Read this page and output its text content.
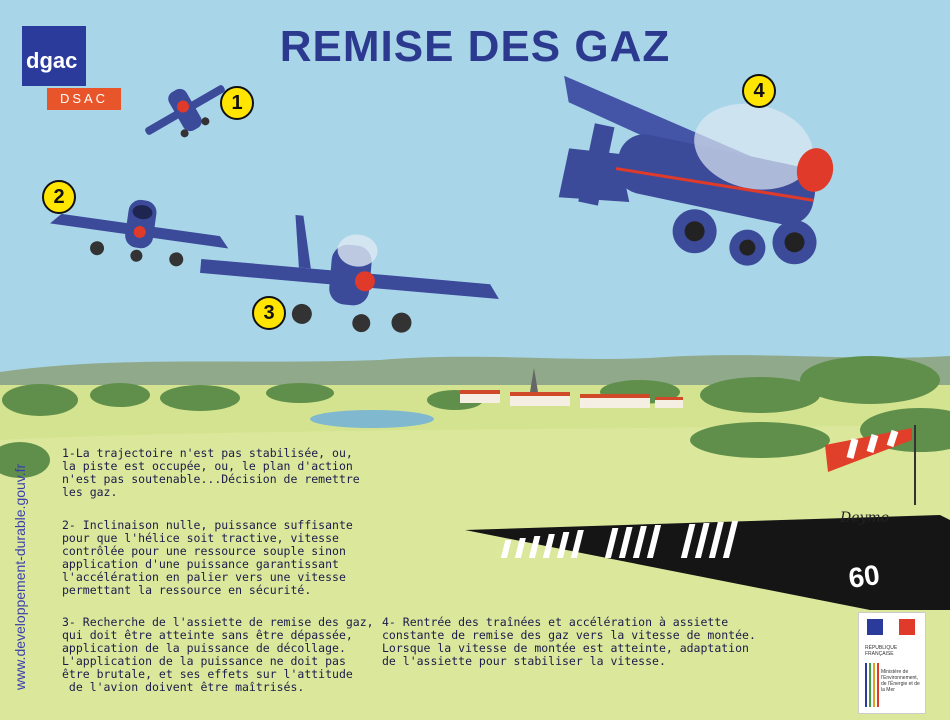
60
dgac
DSAC
REMISE DES GAZ
1
2
3
4
1-La trajectoire n'est pas stabilisée, ou,
la piste est occupée, ou, le plan d'action
n'est pas soutenable...Décision de remettre
les gaz.
2- Inclinaison nulle, puissance suffisante
pour que l'hélice soit tractive, vitesse
contrôlée pour une ressource souple sinon
application d'une puissance garantissant
l'accélération en palier vers une vitesse
permettant la ressource en sécurité.
3- Recherche de l'assiette de remise des gaz,
qui doit être atteinte sans être dépassée,
application de la puissance de décollage.
L'application de la puissance ne doit pas
être brutale, et ses effets sur l'attitude
de l'avion doivent être maîtrisés.
4- Rentrée des traînées et accélération à assiette
constante de remise des gaz vers la vitesse de montée.
Lorsque la vitesse de montée est atteinte, adaptation
de l'assiette pour stabiliser la vitesse.
www.developpement-durable.gouv.fr	Deymo
RÉPUBLIQUE FRANÇAISE
Ministère de l'Environnement, de l'Énergie et de la Mer
